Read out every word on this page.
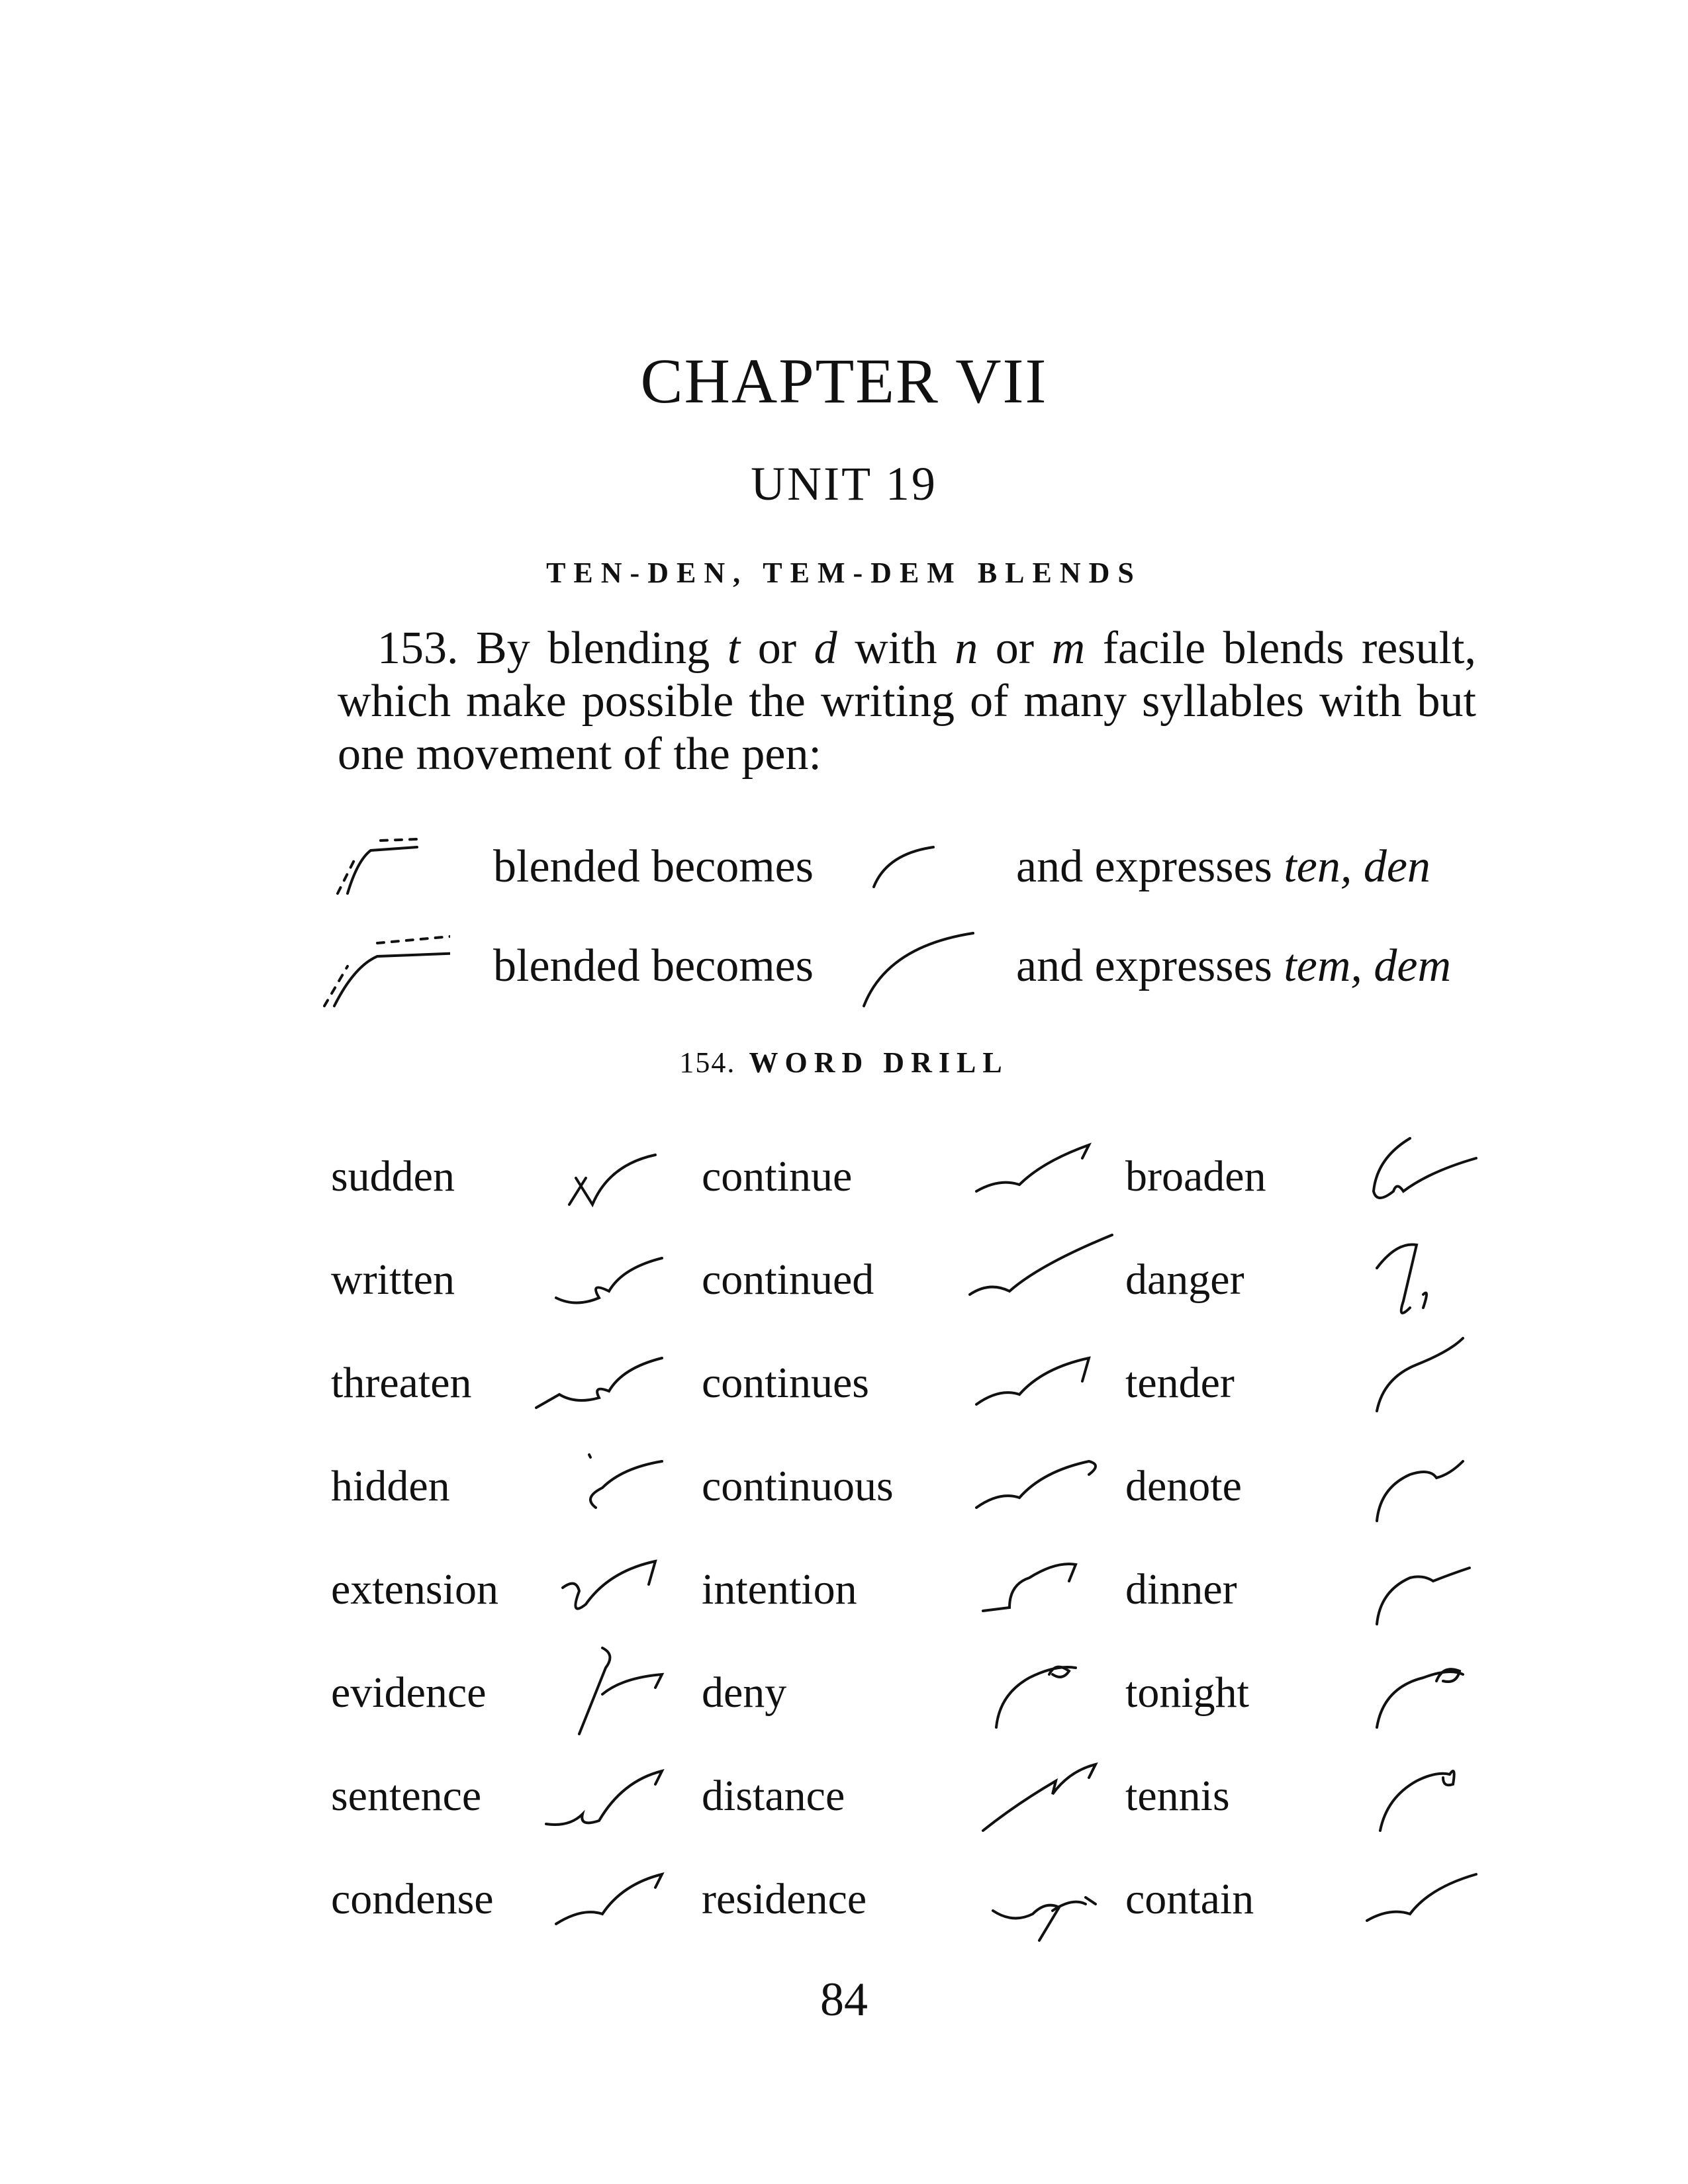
CHAPTER VII
UNIT 19
TEN-DEN, TEM-DEM BLENDS
153. By blending t or d with n or m facile blends result, which make possible the writing of many syllables with but one movement of the pen:
blended becomes	and expresses ten, den
blended becomes	and expresses tem, dem
154. WORD DRILL
sudden
written
threaten
hidden
extension
evidence
sentence
condense
continue
continued
continues
continuous
intention
deny
distance
residence
broaden
danger
tender
denote
dinner
tonight
tennis
contain
84
